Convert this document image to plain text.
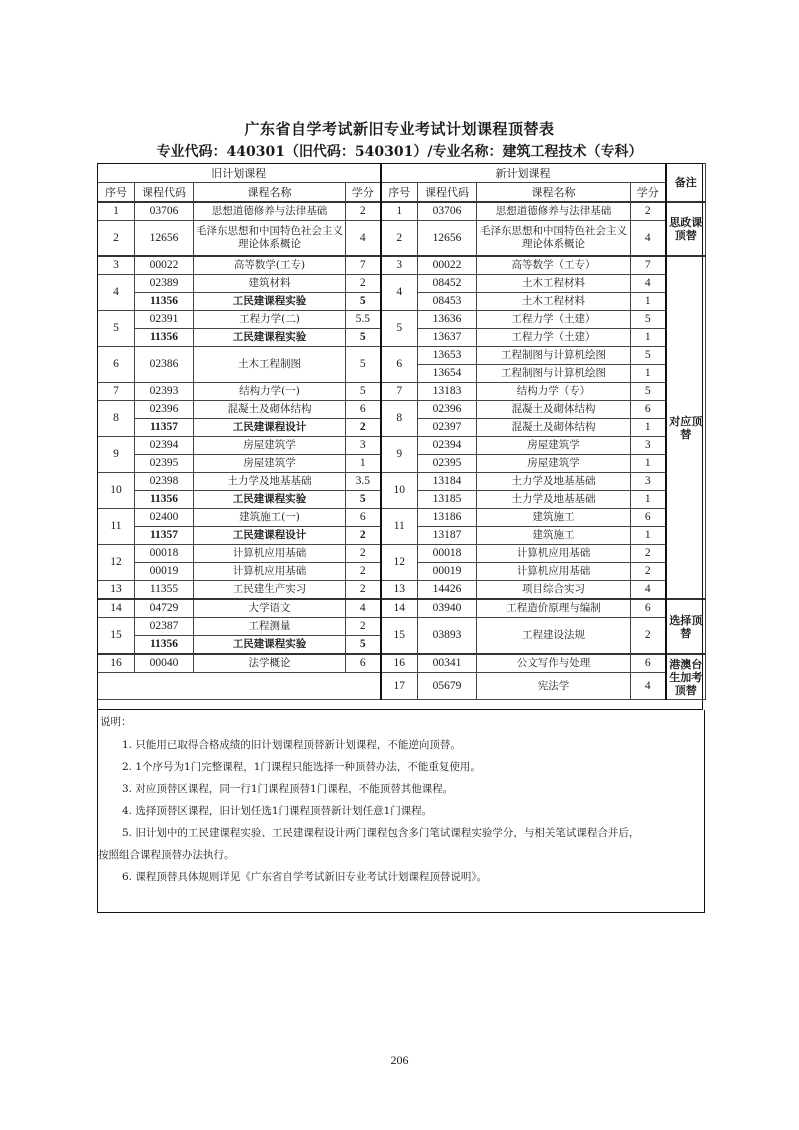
广东省自学考试新旧专业考试计划课程顶替表
专业代码：440301（旧代码：540301）/专业名称：建筑工程技术（专科）
旧计划课程				新计划课程				备注
序号	课程代码	课程名称	学分	序号	课程代码	课程名称	学分	
1	03706	思想道德修养与法律基础	2	1	03706	思想道德修养与法律基础	2	思政课顶替
2	12656	毛泽东思想和中国特色社会主义理论体系概论	4	2	12656	毛泽东思想和中国特色社会主义理论体系概论	4	
3	00022	高等数学(工专)	7	3	00022	高等数学（工专）	7	对应顶替
4	02389	建筑材料	2	4	08452	土木工程材料	4	
	11356	工民建课程实验	5		08453	土木工程材料	1	
5	02391	工程力学(二)	5.5	5	13636	工程力学（土建）	5	
	11356	工民建课程实验	5		13637	工程力学（土建）	1	
6	02386	土木工程制图	5	6	13653	工程制图与计算机绘图	5	
					13654	工程制图与计算机绘图	1	
7	02393	结构力学(一)	5	7	13183	结构力学（专）	5	
8	02396	混凝土及砌体结构	6	8	02396	混凝土及砌体结构	6	
	11357	工民建课程设计	2		02397	混凝土及砌体结构	1	
9	02394	房屋建筑学	3	9	02394	房屋建筑学	3	
	02395	房屋建筑学	1		02395	房屋建筑学	1	
10	02398	土力学及地基基础	3.5	10	13184	土力学及地基基础	3	
	11356	工民建课程实验	5		13185	土力学及地基基础	1	
11	02400	建筑施工(一)	6	11	13186	建筑施工	6	
	11357	工民建课程设计	2		13187	建筑施工	1	
12	00018	计算机应用基础	2	12	00018	计算机应用基础	2	
	00019	计算机应用基础	2		00019	计算机应用基础	2	
13	11355	工民建生产实习	2	13	14426	项目综合实习	4	
14	04729	大学语文	4	14	03940	工程造价原理与编制	6	选择顶替
15	02387	工程测量	2	15	03893	工程建设法规	2	
	11356	工民建课程实验	5					
16	00040	法学概论	6	16	00341	公文写作与处理	6	港澳台生加考顶替
				17	05679	宪法学	4	

说明：

1. 只能用已取得合格成绩的旧计划课程顶替新计划课程，不能逆向顶替。

2. 1个序号为1门完整课程，1门课程只能选择一种顶替办法，不能重复使用。

3. 对应顶替区课程，同一行1门课程顶替1门课程，不能顶替其他课程。

4. 选择顶替区课程，旧计划任选1门课程顶替新计划任意1门课程。

5. 旧计划中的工民建课程实验、工民建课程设计两门课程包含多门笔试课程实验学分，与相关笔试课程合并后，

按照组合课程顶替办法执行。

6. 课程顶替具体规则详见《广东省自学考试新旧专业考试计划课程顶替说明》。

206
